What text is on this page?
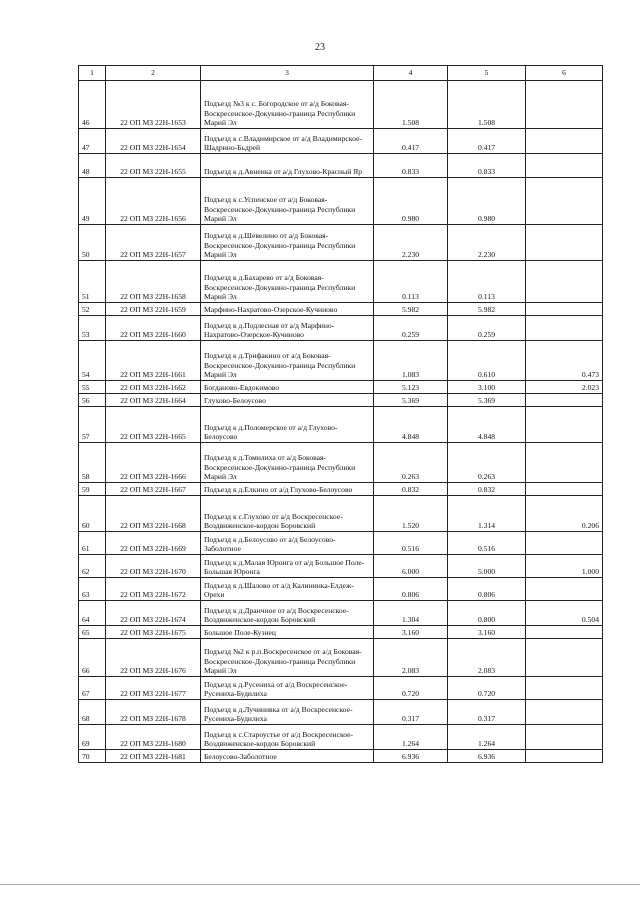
23
1	2	3	4	5	6
46	22 ОП МЗ 22Н-1653	Подъезд №3 к с. Богородское от а/д Боковая-Воскресенское-Докукино-граница Республики Марий Эл	1.508	1.508	
47	22 ОП МЗ 22Н-1654	Подъезд к с.Владимирское от а/д Владимирское-Шадрино-Бьдрей	0.417	0.417	
48	22 ОП МЗ 22Н-1655	Подъезд к д.Авнеика от а/д Глухово-Красный Яр	0.833	0.833	
49	22 ОП МЗ 22Н-1656	Подъезд к с.Успенское от а/д Боковая-Воскресенское-Докукино-граница Республики Марий Эл	0.980	0.980	
50	22 ОП МЗ 22Н-1657	Подъезд к д.Шевелино от а/д Боковая-Воскресенское-Докукино-граница Республики Марий Эл	2.230	2.230	
51	22 ОП МЗ 22Н-1658	Подъезд к д.Бахарево от а/д Боковая-Воскресенское-Докукино-граница Республики Марий Эл	0.113	0.113	
52	22 ОП МЗ 22Н-1659	Марфино-Нахратово-Озерское-Кучиново	5.982	5.982	
53	22 ОП МЗ 22Н-1660	Подъезд к д.Подлесная от а/д Марфино-Нахратово-Озерское-Кучиново	0.259	0.259	
54	22 ОП МЗ 22Н-1661	Подъезд к д.Трифакино от а/д Боковая-Воскресенское-Докукино-граница Республики Марий Эл	1.083	0.610	0.473
55	22 ОП МЗ 22Н-1662	Богданово-Евдокимово	5.123	3.100	2.023
56	22 ОП МЗ 22Н-1664	Глухово-Белоусово	5.369	5.369	
57	22 ОП МЗ 22Н-1665	Подъезд к д.Поломерское от а/д Глухово-Белоусово	4.848	4.848	
58	22 ОП МЗ 22Н-1666	Подъезд к д.Томилиха от а/д Боковая-Воскресенское-Докукино-граница Республики Марий Эл	0.263	0.263	
59	22 ОП МЗ 22Н-1667	Подъезд к д.Елкино от а/д Глухово-Белоусово	0.832	0.832	
60	22 ОП МЗ 22Н-1668	Подъезд к с.Глухово от а/д Воскресенское-Воздвиженское-кордон Боровский	1.520	1.314	0.206
61	22 ОП МЗ 22Н-1669	Подъезд к д.Белоусово от а/д Белоусово-Заболотное	0.516	0.516	
62	22 ОП МЗ 22Н-1670	Подъезд к д.Малая Юронга от а/д Большое Поле-Большая Юронга	6.000	5.000	1.000
63	22 ОП МЗ 22Н-1672	Подъезд к д.Шалово от а/д Калининка-Елдеж-Орехи	0.806	0.806	
64	22 ОП МЗ 22Н-1674	Подъезд к д.Дранчное от а/д Воскресенское-Воздвиженское-кордон Боровский	1.304	0.800	0.504
65	22 ОП МЗ 22Н-1675	Большое Поле-Кузнец	3.160	3.160	
66	22 ОП МЗ 22Н-1676	Подъезд №2 к р.п.Воскресенское от а/д Боковая-Воскресенское-Докукино-граница Республики Марий Эл	2.083	2.083	
67	22 ОП МЗ 22Н-1677	Подъезд к д.Русениха от а/д Воскресенское-Русениха-Будилиха	0.720	0.720	
68	22 ОП МЗ 22Н-1678	Подъезд к д.Лучинивка от а/д Воскресенское-Русениха-Будилиха	0.317	0.317	
69	22 ОП МЗ 22Н-1680	Подъезд к с.Староустье от а/д Воскресенское-Воздвиженское-кордон Боровский	1.264	1.264	
70	22 ОП МЗ 22Н-1681	Белоусово-Заболотное	6.936	6.936	
